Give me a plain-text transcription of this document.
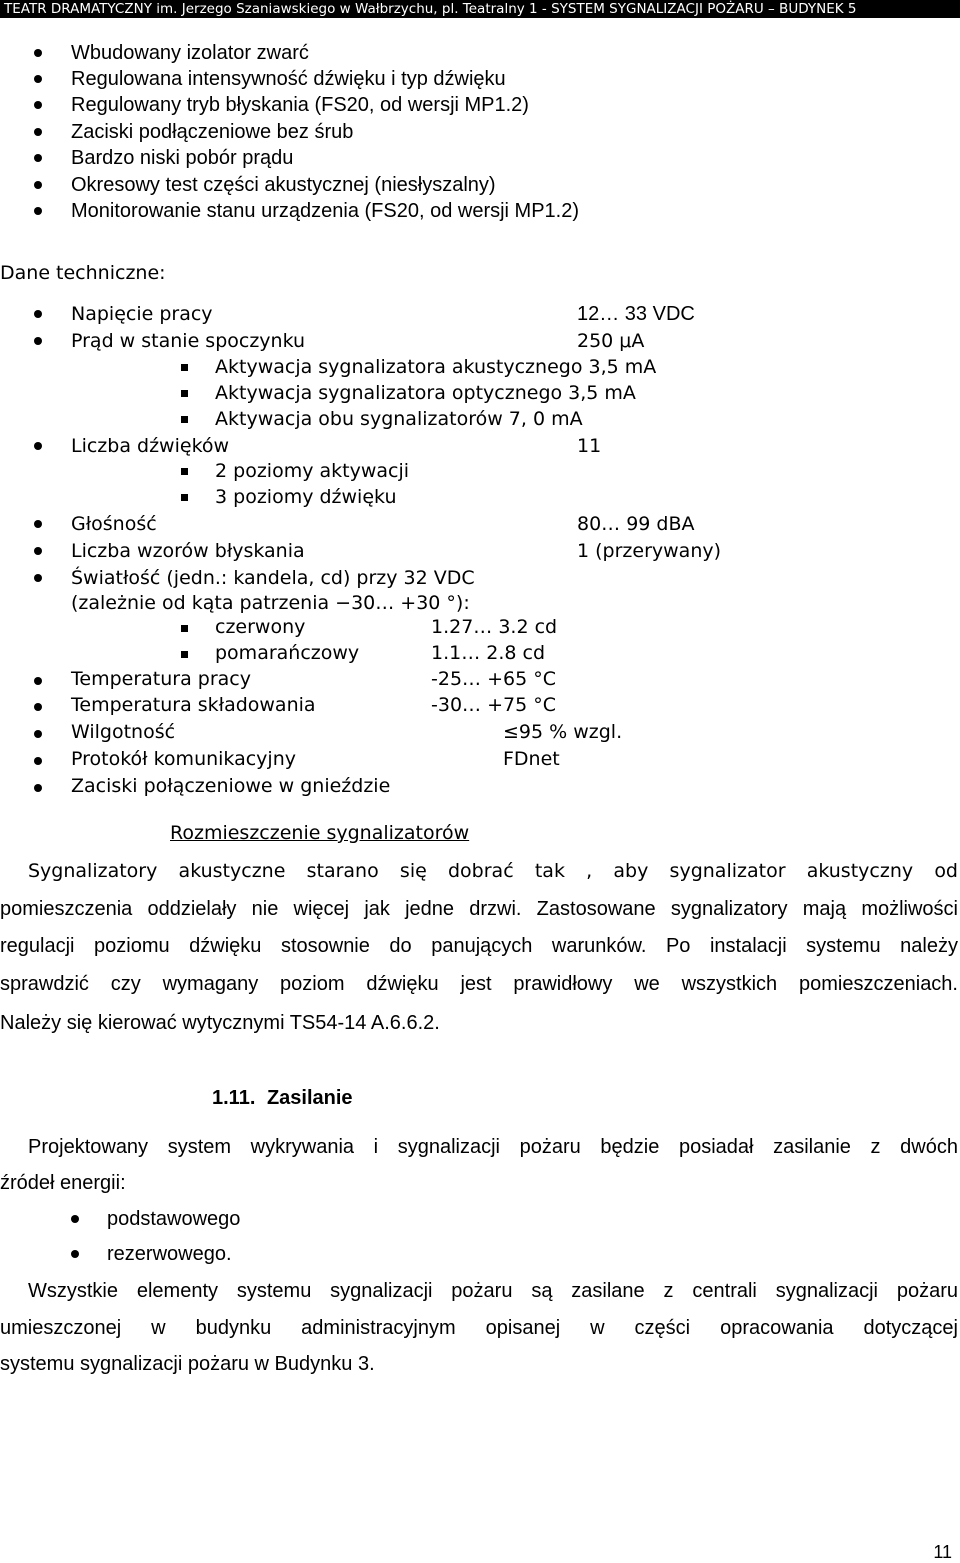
TEATR DRAMATYCZNY im. Jerzego Szaniawskiego w Wałbrzychu, pl. Teatralny 1 - SYSTEM SYGNALIZACJI POŻARU – BUDYNEK 5
Wbudowany izolator zwarć
Regulowana intensywność dźwięku i typ dźwięku
Regulowany tryb błyskania (FS20, od wersji MP1.2)
Zaciski podłączeniowe bez śrub
Bardzo niski pobór prądu
Okresowy test części akustycznej (niesłyszalny)
Monitorowanie stanu urządzenia (FS20, od wersji MP1.2)
Dane techniczne:
Napięcie pracy	12… 33 VDC
Prąd w stanie spoczynku	250 μA
Aktywacja sygnalizatora akustycznego 3,5 mA
Aktywacja sygnalizatora optycznego 3,5 mA
Aktywacja obu sygnalizatorów 7, 0 mA
Liczba dźwięków	11
2 poziomy aktywacji
3 poziomy dźwięku
Głośność	80… 99 dBA
Liczba wzorów błyskania	1 (przerywany)
Światłość (jedn.: kandela, cd) przy 32 VDC
(zależnie od kąta patrzenia −30… +30 °):
czerwony	1.27… 3.2 cd
pomarańczowy	1.1… 2.8 cd
Temperatura pracy	-25… +65 °C
Temperatura składowania	-30… +75 °C
Wilgotność	≤95 % wzgl.
Protokół komunikacyjny	FDnet
Zaciski połączeniowe w gnieździe
Rozmieszczenie sygnalizatorów
Sygnalizatory akustyczne starano się dobrać tak , aby sygnalizator akustyczny od
pomieszczenia oddzielały nie więcej jak jedne drzwi. Zastosowane sygnalizatory mają możliwości
regulacji poziomu dźwięku stosownie do panujących warunków. Po instalacji systemu należy
sprawdzić czy wymagany poziom dźwięku jest prawidłowy we wszystkich pomieszczeniach.
Należy się kierować wytycznymi TS54-14 A.6.6.2.
1.11. Zasilanie
Projektowany system wykrywania i sygnalizacji pożaru będzie posiadał zasilanie z dwóch
źródeł energii:
podstawowego
rezerwowego.
Wszystkie elementy systemu sygnalizacji pożaru są zasilane z centrali sygnalizacji pożaru
umieszczonej w budynku administracyjnym opisanej w części opracowania dotyczącej
systemu sygnalizacji pożaru w Budynku 3.
11
